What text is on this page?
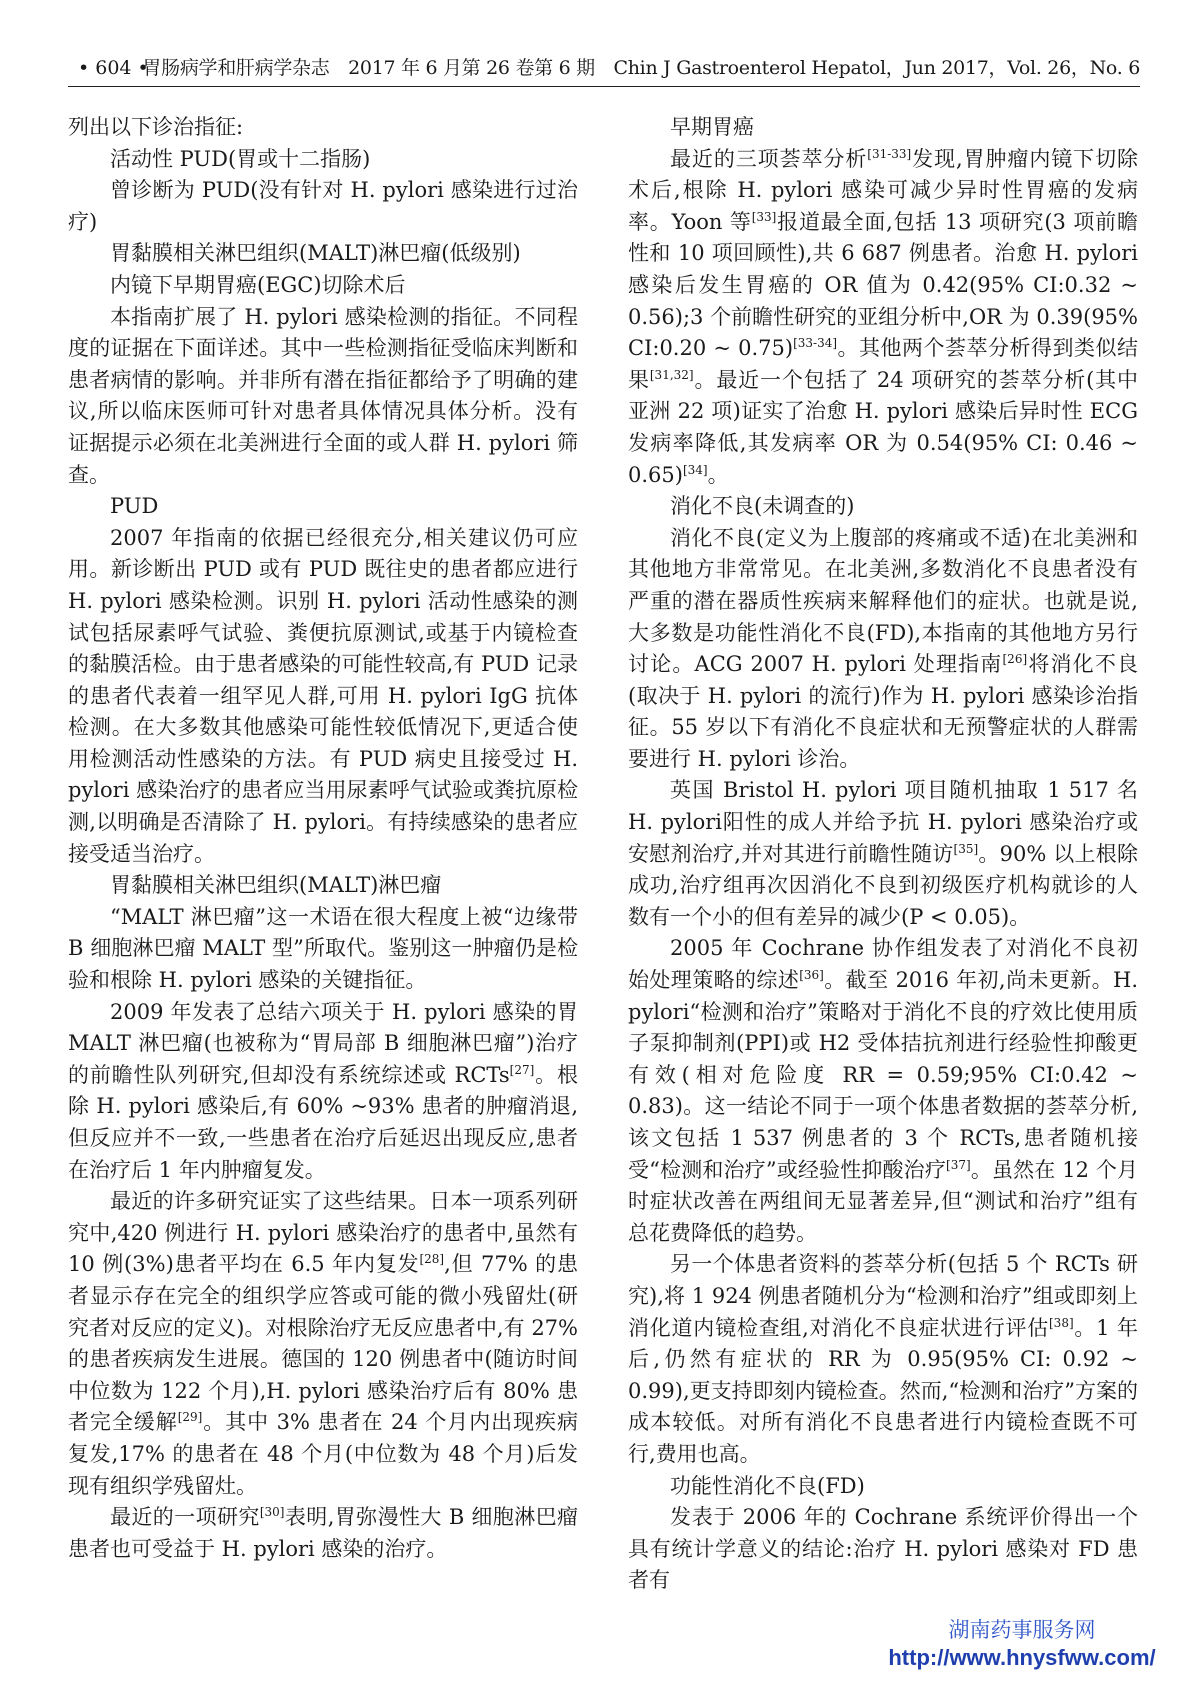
• 604 •
胃肠病学和肝病学杂志　2017 年 6 月第 26 卷第 6 期　Chin J Gastroenterol Hepatol，Jun 2017，Vol. 26，No. 6

列出以下诊治指征:

活动性 PUD(胃或十二指肠)

曾诊断为 PUD(没有针对 H. pylori 感染进行过治疗)

胃黏膜相关淋巴组织(MALT)淋巴瘤(低级别)

内镜下早期胃癌(EGC)切除术后

本指南扩展了 H. pylori 感染检测的指征。不同程度的证据在下面详述。其中一些检测指征受临床判断和患者病情的影响。并非所有潜在指征都给予了明确的建议,所以临床医师可针对患者具体情况具体分析。没有证据提示必须在北美洲进行全面的或人群 H. pylori 筛查。

PUD

2007 年指南的依据已经很充分,相关建议仍可应用。新诊断出 PUD 或有 PUD 既往史的患者都应进行 H. pylori 感染检测。识别 H. pylori 活动性感染的测试包括尿素呼气试验、粪便抗原测试,或基于内镜检查的黏膜活检。由于患者感染的可能性较高,有 PUD 记录的患者代表着一组罕见人群,可用 H. pylori IgG 抗体检测。在大多数其他感染可能性较低情况下,更适合使用检测活动性感染的方法。有 PUD 病史且接受过 H. pylori 感染治疗的患者应当用尿素呼气试验或粪抗原检测,以明确是否清除了 H. pylori。有持续感染的患者应接受适当治疗。

胃黏膜相关淋巴组织(MALT)淋巴瘤

“MALT 淋巴瘤”这一术语在很大程度上被“边缘带 B 细胞淋巴瘤 MALT 型”所取代。鉴别这一肿瘤仍是检验和根除 H. pylori 感染的关键指征。

2009 年发表了总结六项关于 H. pylori 感染的胃 MALT 淋巴瘤(也被称为“胃局部 B 细胞淋巴瘤”)治疗的前瞻性队列研究,但却没有系统综述或 RCTs[27]。根除 H. pylori 感染后,有 60% ~93% 患者的肿瘤消退,但反应并不一致,一些患者在治疗后延迟出现反应,患者在治疗后 1 年内肿瘤复发。

最近的许多研究证实了这些结果。日本一项系列研究中,420 例进行 H. pylori 感染治疗的患者中,虽然有 10 例(3%)患者平均在 6.5 年内复发[28],但 77% 的患者显示存在完全的组织学应答或可能的微小残留灶(研究者对反应的定义)。对根除治疗无反应患者中,有 27% 的患者疾病发生进展。德国的 120 例患者中(随访时间中位数为 122 个月),H. pylori 感染治疗后有 80% 患者完全缓解[29]。其中 3% 患者在 24 个月内出现疾病复发,17% 的患者在 48 个月(中位数为 48 个月)后发现有组织学残留灶。

最近的一项研究[30]表明,胃弥漫性大 B 细胞淋巴瘤患者也可受益于 H. pylori 感染的治疗。

早期胃癌

最近的三项荟萃分析[31-33]发现,胃肿瘤内镜下切除术后,根除 H. pylori 感染可减少异时性胃癌的发病率。Yoon 等[33]报道最全面,包括 13 项研究(3 项前瞻性和 10 项回顾性),共 6 687 例患者。治愈 H. pylori 感染后发生胃癌的 OR 值为 0.42(95% CI:0.32 ~ 0.56);3 个前瞻性研究的亚组分析中,OR 为 0.39(95% CI:0.20 ~ 0.75)[33-34]。其他两个荟萃分析得到类似结果[31,32]。最近一个包括了 24 项研究的荟萃分析(其中亚洲 22 项)证实了治愈 H. pylori 感染后异时性 ECG 发病率降低,其发病率 OR 为 0.54(95% CI: 0.46 ~ 0.65)[34]。

消化不良(未调查的)

消化不良(定义为上腹部的疼痛或不适)在北美洲和其他地方非常常见。在北美洲,多数消化不良患者没有严重的潜在器质性疾病来解释他们的症状。也就是说,大多数是功能性消化不良(FD),本指南的其他地方另行讨论。ACG 2007 H. pylori 处理指南[26]将消化不良(取决于 H. pylori 的流行)作为 H. pylori 感染诊治指征。55 岁以下有消化不良症状和无预警症状的人群需要进行 H. pylori 诊治。

英国 Bristol H. pylori 项目随机抽取 1 517 名 H. pylori阳性的成人并给予抗 H. pylori 感染治疗或安慰剂治疗,并对其进行前瞻性随访[35]。90% 以上根除成功,治疗组再次因消化不良到初级医疗机构就诊的人数有一个小的但有差异的减少(P < 0.05)。

2005 年 Cochrane 协作组发表了对消化不良初始处理策略的综述[36]。截至 2016 年初,尚未更新。H. pylori“检测和治疗”策略对于消化不良的疗效比使用质子泵抑制剂(PPI)或 H2 受体拮抗剂进行经验性抑酸更有效(相对危险度 RR = 0.59;95% CI:0.42 ~ 0.83)。这一结论不同于一项个体患者数据的荟萃分析,该文包括 1 537 例患者的 3 个 RCTs,患者随机接受“检测和治疗”或经验性抑酸治疗[37]。虽然在 12 个月时症状改善在两组间无显著差异,但“测试和治疗”组有总花费降低的趋势。

另一个体患者资料的荟萃分析(包括 5 个 RCTs 研究),将 1 924 例患者随机分为“检测和治疗”组或即刻上消化道内镜检查组,对消化不良症状进行评估[38]。1 年后,仍然有症状的 RR 为 0.95(95% CI: 0.92 ~ 0.99),更支持即刻内镜检查。然而,“检测和治疗”方案的成本较低。对所有消化不良患者进行内镜检查既不可行,费用也高。

功能性消化不良(FD)

发表于 2006 年的 Cochrane 系统评价得出一个具有统计学意义的结论:治疗 H. pylori 感染对 FD 患者有

湖南药事服务网
http://www.hnysfww.com/
